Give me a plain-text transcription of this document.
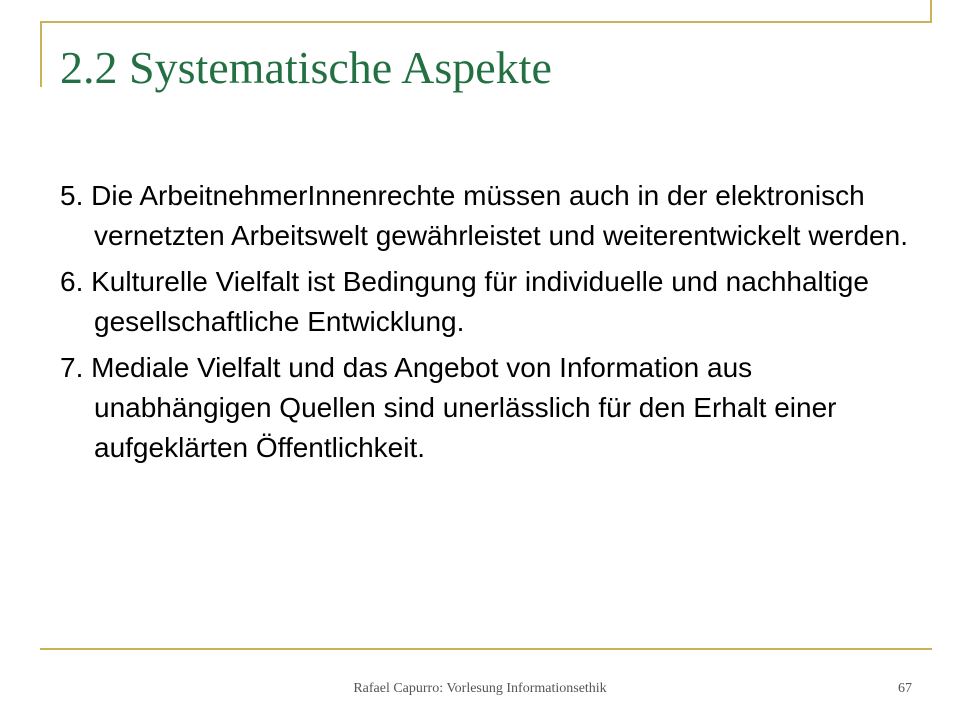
2.2 Systematische Aspekte
5. Die ArbeitnehmerInnenrechte müssen auch in der elektronisch vernetzten Arbeitswelt gewährleistet und weiterentwickelt werden.
6. Kulturelle Vielfalt ist Bedingung für individuelle und nachhaltige gesellschaftliche Entwicklung.
7. Mediale Vielfalt und das Angebot von Information aus unabhängigen Quellen sind unerlässlich für den Erhalt einer aufgeklärten Öffentlichkeit.
Rafael Capurro: Vorlesung Informationsethik	67
